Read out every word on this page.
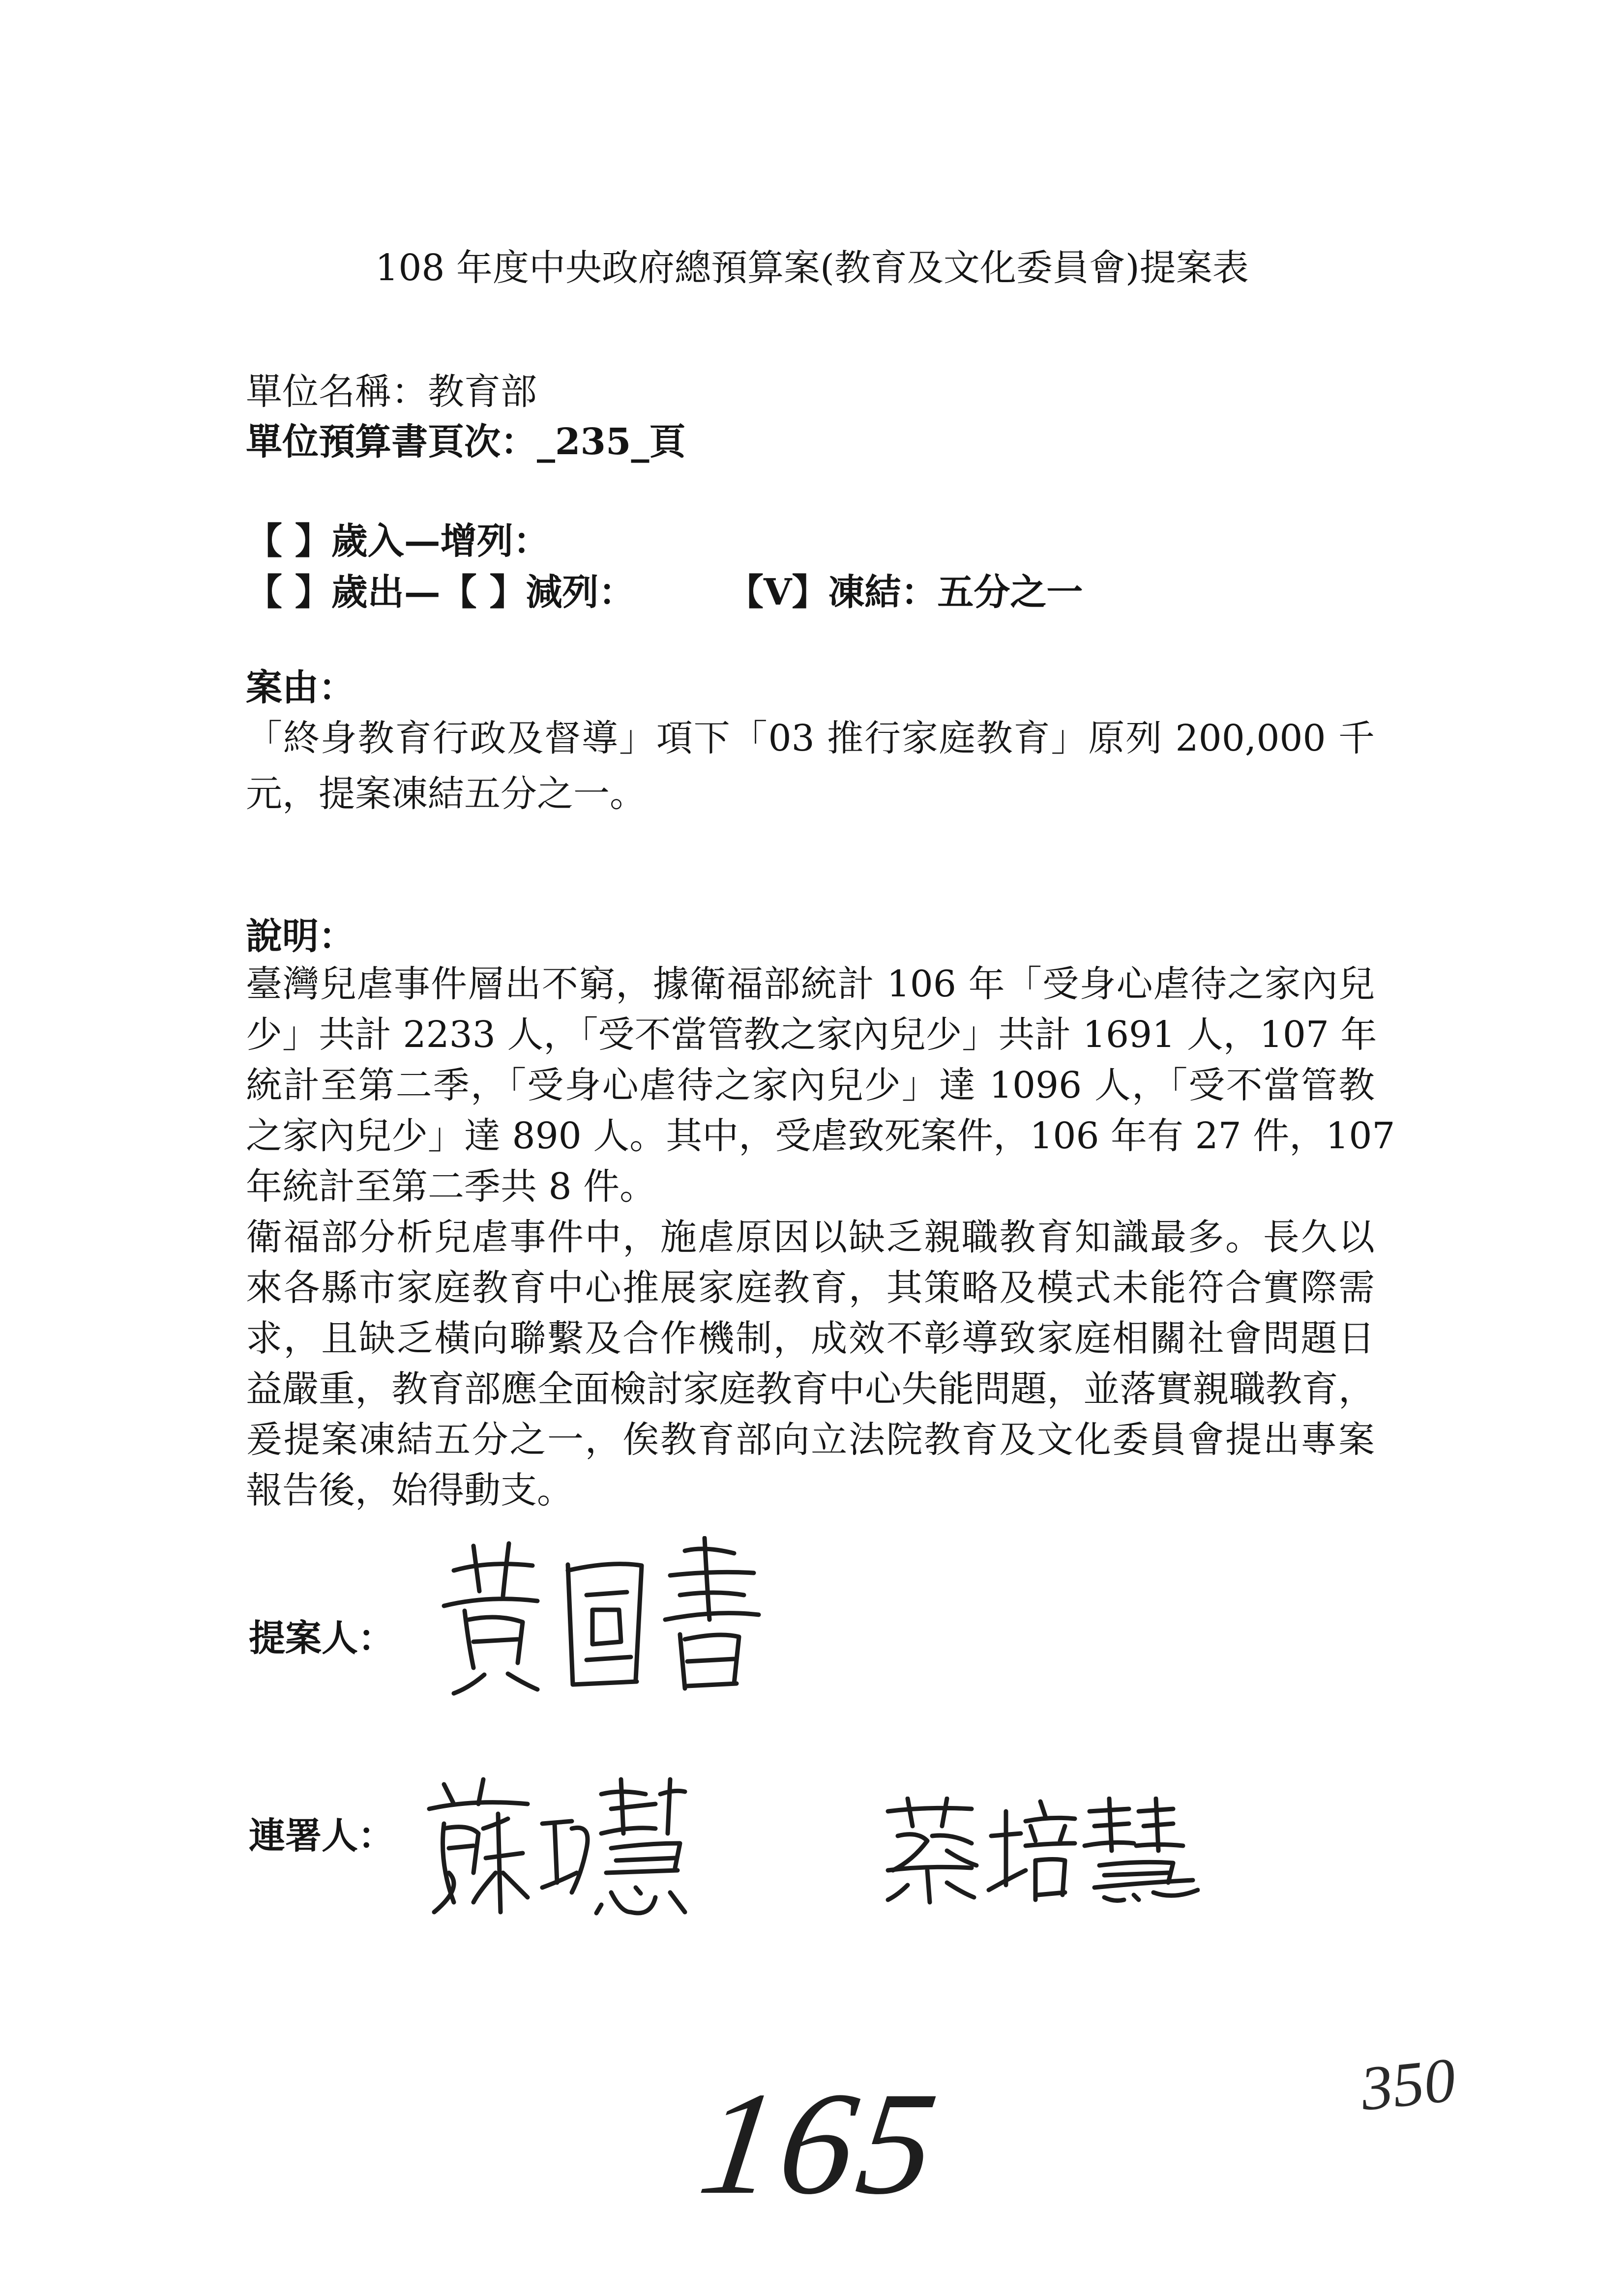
108 年度中央政府總預算案(教育及文化委員會)提案表
單位名稱：教育部
單位預算書頁次：_235_頁
【 】歲入—增列：
【 】歲出—【 】減列：	【V】凍結：五分之一
案由：
「終身教育行政及督導」項下「03 推行家庭教育」原列 200,000 千
元，提案凍結五分之一。
說明：
臺灣兒虐事件層出不窮，據衛福部統計 106 年「受身心虐待之家內兒
少」共計 2233 人，「受不當管教之家內兒少」共計 1691 人，107 年
統計至第二季，「受身心虐待之家內兒少」達 1096 人，「受不當管教
之家內兒少」達 890 人。其中，受虐致死案件，106 年有 27 件，107
年統計至第二季共 8 件。
衛福部分析兒虐事件中，施虐原因以缺乏親職教育知識最多。長久以
來各縣市家庭教育中心推展家庭教育，其策略及模式未能符合實際需
求，且缺乏橫向聯繫及合作機制，成效不彰導致家庭相關社會問題日
益嚴重，教育部應全面檢討家庭教育中心失能問題，並落實親職教育，
爰提案凍結五分之一，俟教育部向立法院教育及文化委員會提出專案
報告後，始得動支。
提案人：
連署人：
165	350
